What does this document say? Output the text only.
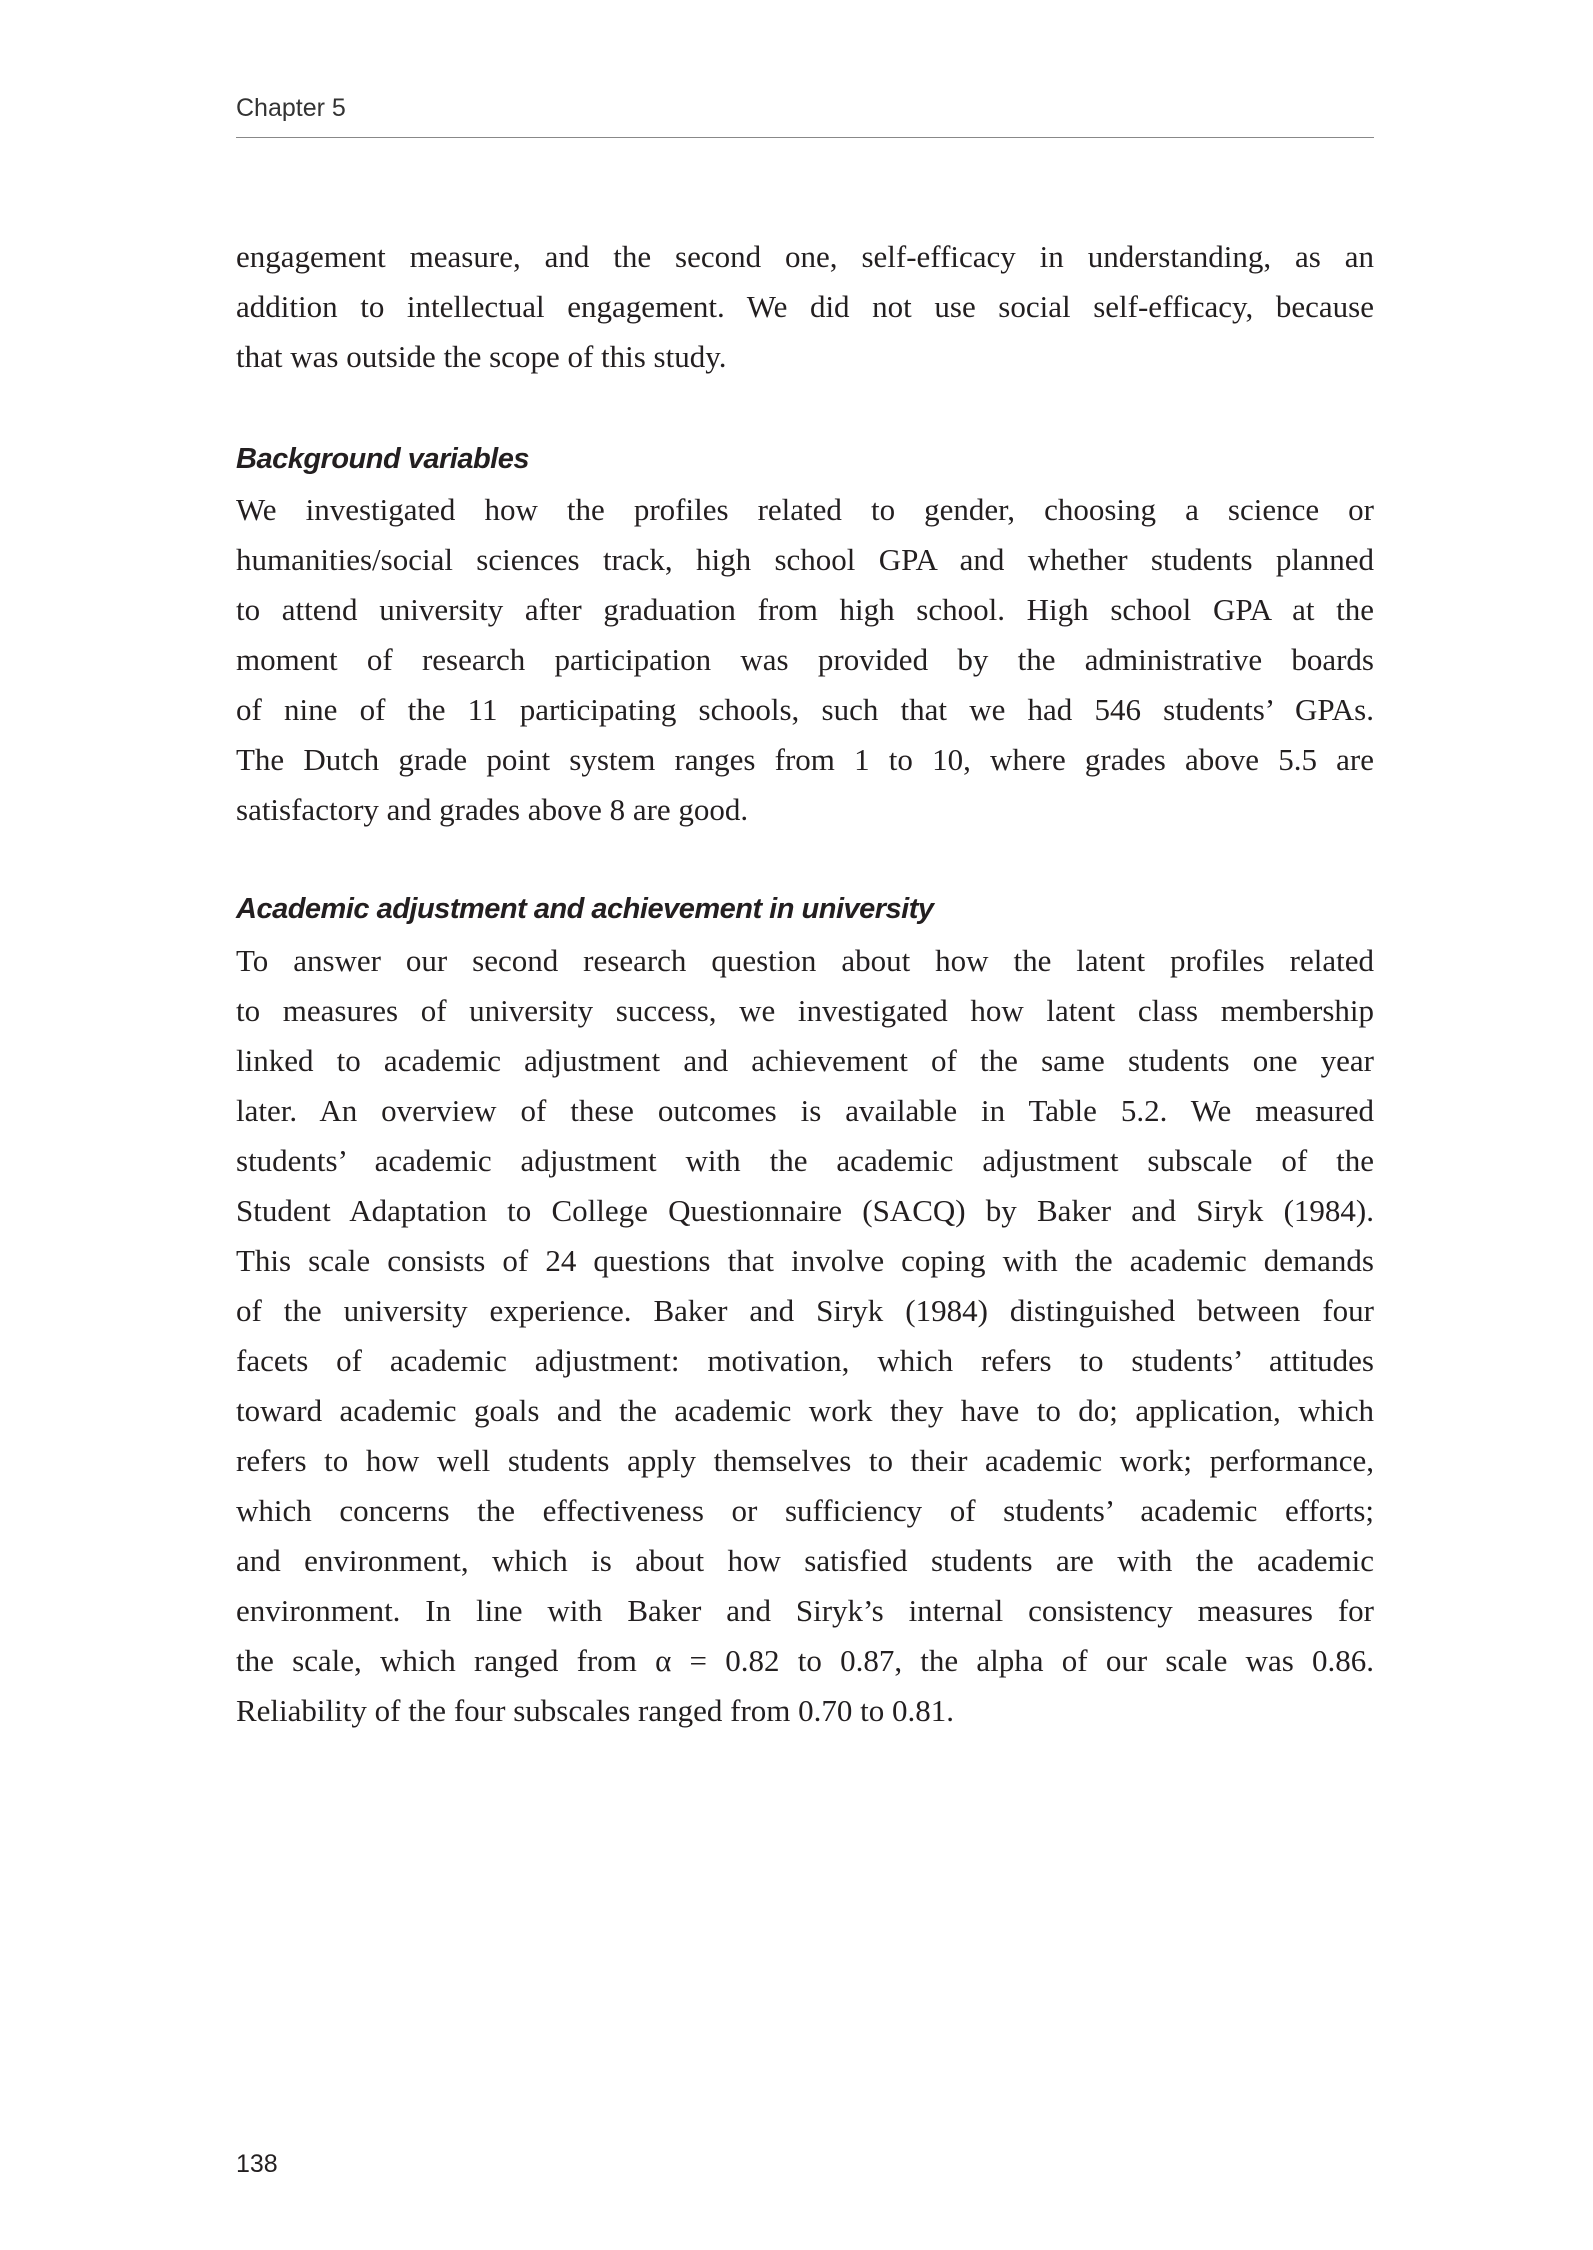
Chapter 5
engagement measure, and the second one, self-efficacy in understanding, as an
addition to intellectual engagement. We did not use social self-efficacy, because
that was outside the scope of this study.
Background variables
We investigated how the profiles related to gender, choosing a science or
humanities/social sciences track, high school GPA and whether students planned
to attend university after graduation from high school. High school GPA at the
moment of research participation was provided by the administrative boards
of nine of the 11 participating schools, such that we had 546 students’ GPAs.
The Dutch grade point system ranges from 1 to 10, where grades above 5.5 are
satisfactory and grades above 8 are good.
Academic adjustment and achievement in university
To answer our second research question about how the latent profiles related
to measures of university success, we investigated how latent class membership
linked to academic adjustment and achievement of the same students one year
later. An overview of these outcomes is available in Table 5.2. We measured
students’ academic adjustment with the academic adjustment subscale of the
Student Adaptation to College Questionnaire (SACQ) by Baker and Siryk (1984).
This scale consists of 24 questions that involve coping with the academic demands
of the university experience. Baker and Siryk (1984) distinguished between four
facets of academic adjustment: motivation, which refers to students’ attitudes
toward academic goals and the academic work they have to do; application, which
refers to how well students apply themselves to their academic work; performance,
which concerns the effectiveness or sufficiency of students’ academic efforts;
and environment, which is about how satisfied students are with the academic
environment. In line with Baker and Siryk’s internal consistency measures for
the scale, which ranged from α = 0.82 to 0.87, the alpha of our scale was 0.86.
Reliability of the four subscales ranged from 0.70 to 0.81.
138
